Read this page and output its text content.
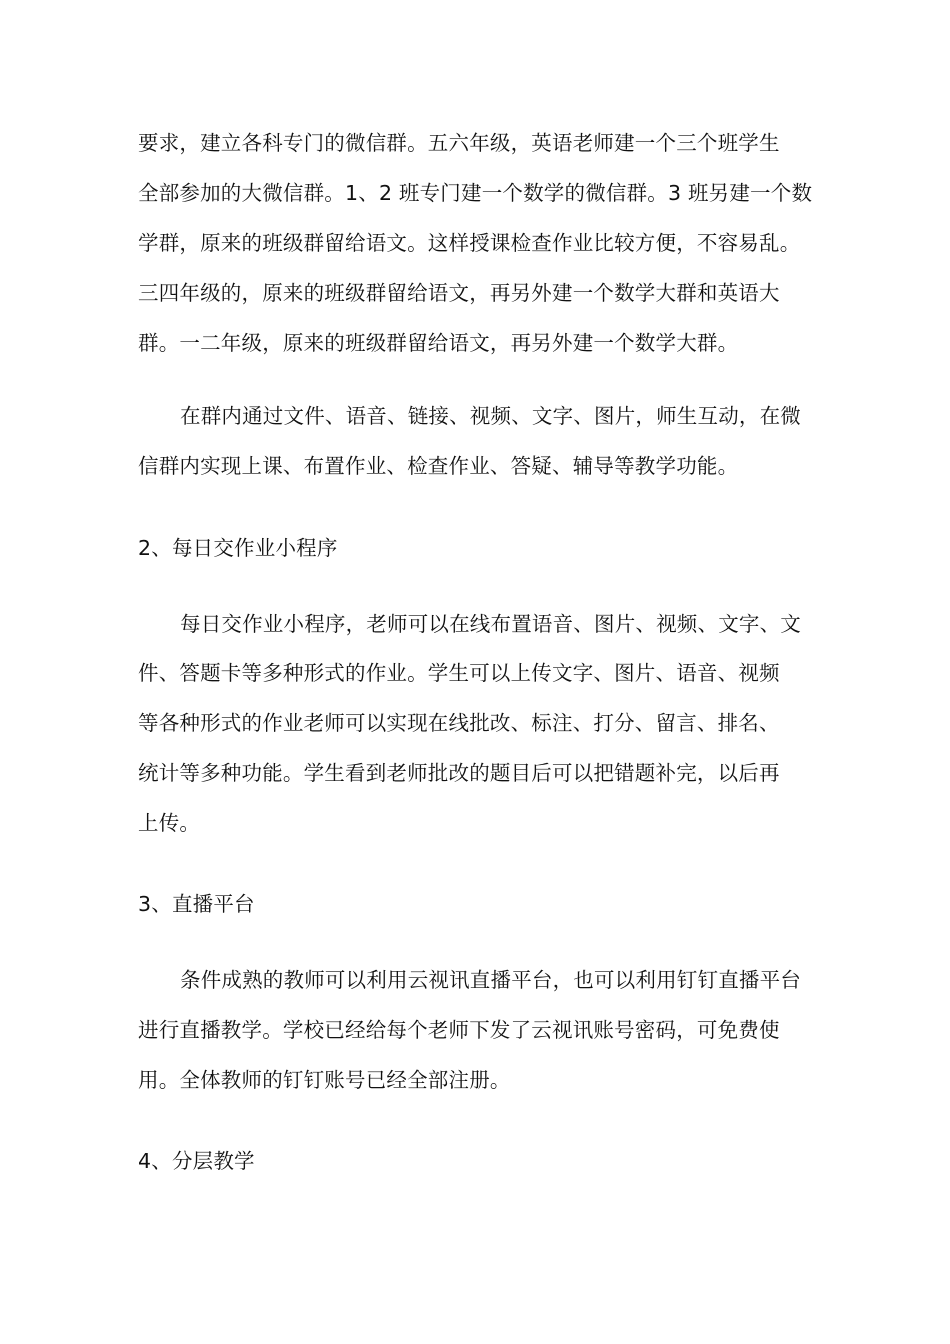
要求，建立各科专门的微信群。五六年级，英语老师建一个三个班学生
全部参加的大微信群。1、2 班专门建一个数学的微信群。3 班另建一个数
学群，原来的班级群留给语文。这样授课检查作业比较方便，不容易乱。
三四年级的，原来的班级群留给语文，再另外建一个数学大群和英语大
群。一二年级，原来的班级群留给语文，再另外建一个数学大群。
在群内通过文件、语音、链接、视频、文字、图片，师生互动，在微
信群内实现上课、布置作业、检查作业、答疑、辅导等教学功能。
2、每日交作业小程序
每日交作业小程序，老师可以在线布置语音、图片、视频、文字、文
件、答题卡等多种形式的作业。学生可以上传文字、图片、语音、视频
等各种形式的作业老师可以实现在线批改、标注、打分、留言、排名、
统计等多种功能。学生看到老师批改的题目后可以把错题补完，以后再
上传。
3、直播平台
条件成熟的教师可以利用云视讯直播平台，也可以利用钉钉直播平台
进行直播教学。学校已经给每个老师下发了云视讯账号密码，可免费使
用。全体教师的钉钉账号已经全部注册。
4、分层教学
